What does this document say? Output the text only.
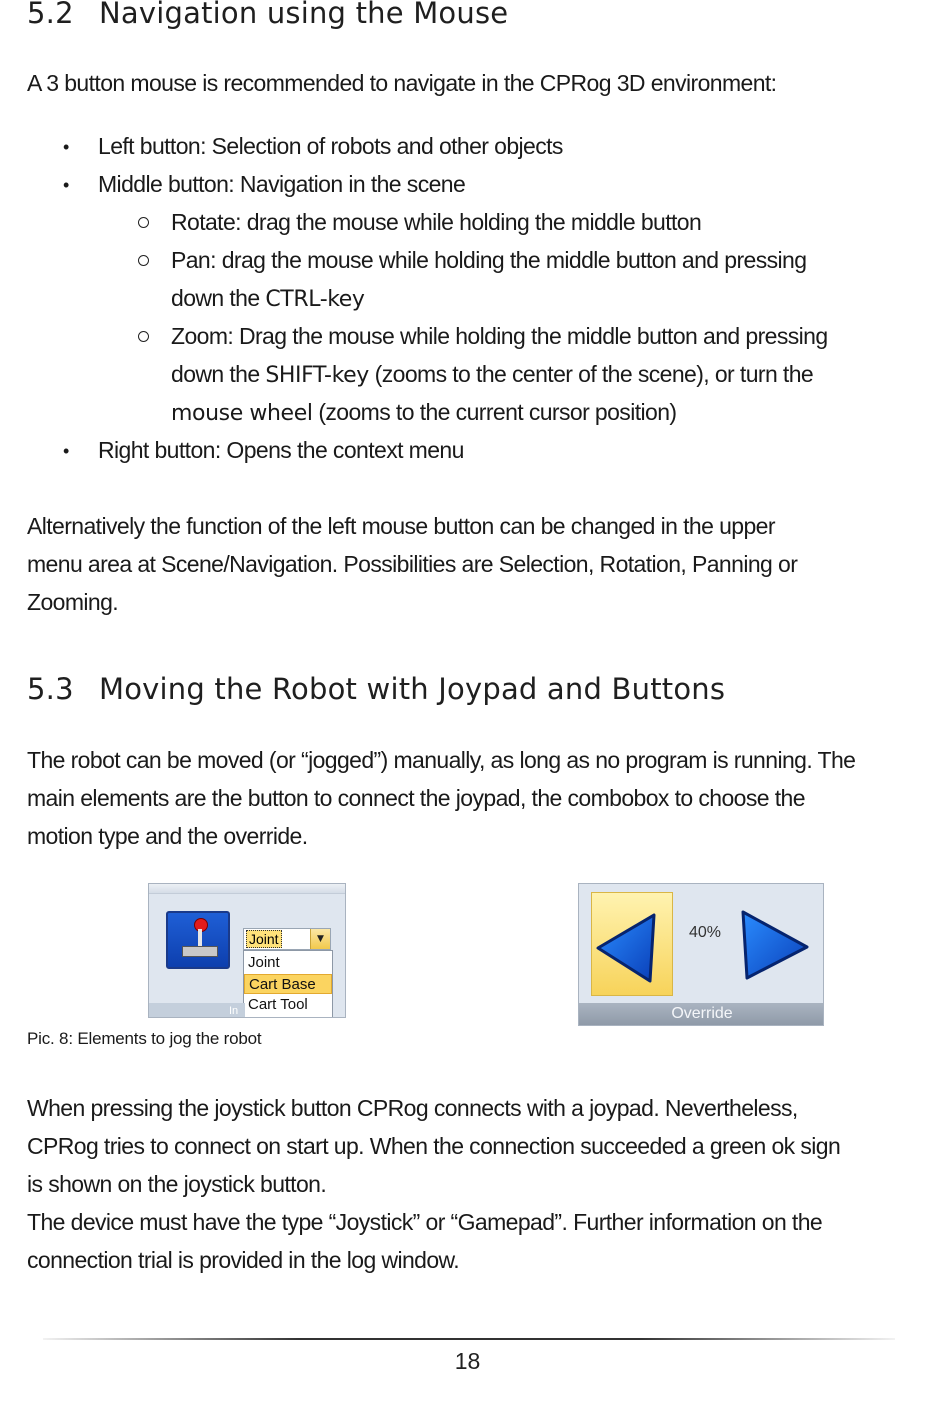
5.2 Navigation using the Mouse
A 3 button mouse is recommended to navigate in the CPRog 3D environment:
• Left button: Selection of robots and other objects
• Middle button: Navigation in the scene
Rotate: drag the mouse while holding the middle button
Pan: drag the mouse while holding the middle button and pressing
down the CTRL-key
Zoom: Drag the mouse while holding the middle button and pressing
down the SHIFT-key (zooms to the center of the scene), or turn the
mouse wheel (zooms to the current cursor position)
• Right button: Opens the context menu
Alternatively the function of the left mouse button can be changed in the upper
menu area at Scene/Navigation. Possibilities are Selection, Rotation, Panning or
Zooming.
5.3 Moving the Robot with Joypad and Buttons
The robot can be moved (or “jogged”) manually, as long as no program is running. The
main elements are the button to connect the joypad, the combobox to choose the
motion type and the override.
Joint	▼
Joint
Cart Base
Cart Tool
In
40%
Override
Pic. 8: Elements to jog the robot
When pressing the joystick button CPRog connects with a joypad. Nevertheless,
CPRog tries to connect on start up. When the connection succeeded a green ok sign
is shown on the joystick button.
The device must have the type “Joystick” or “Gamepad”. Further information on the
connection trial is provided in the log window.
18
